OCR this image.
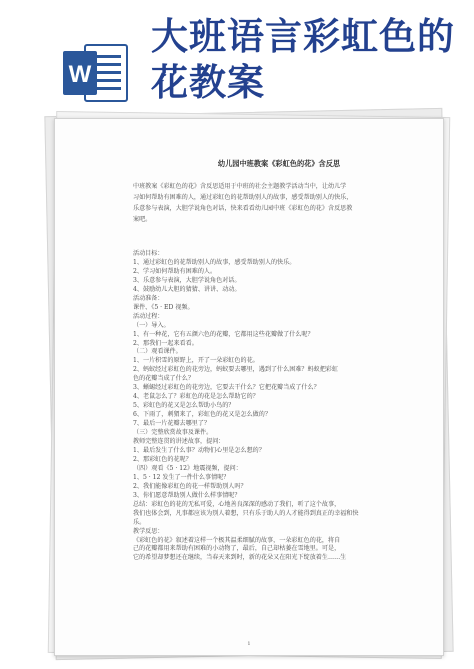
W
大班语言彩虹色的
花教案
幼儿园中班教案《彩虹色的花》含反思

中班教案《彩虹色的花》含反思适用于中班的社会主题教学活动当中，让幼儿学

习如何帮助有困难的人，通过彩虹色的花帮助别人的故事，感受帮助别人的快乐，

乐意参与表演，大胆学说角色对话，快来看看幼儿园中班《彩虹色的花》含反思教

案吧。

活动目标：

1、通过彩虹色的花帮助别人的故事，感受帮助别人的快乐。

2、学习如何帮助有困难的人。

3、乐意参与表演，大胆学说角色对话。

4、鼓励幼儿大胆的猜猜、讲讲、动动。

活动准备：

课件、《5 · ED 视频。

活动过程：

（一）导入。

1、有一种花，它有五颜六色的花瓣，它都用这些花瓣做了什么呢？

2、那我们一起来看看。

（二）观看课件。

1、一片积雪的原野上，开了一朵彩虹色的花。

2、蚂蚁经过彩虹色的花旁边，蚂蚁要去哪里，遇到了什么困难？蚂蚁把彩虹

色的花瓣当成了什么？

3、蜥蜴经过彩虹色的花旁边，它要去干什么？它把花瓣当成了什么？

4、老鼠怎么了？彩虹色的花是怎么帮助它的？

5、彩虹色的花又是怎么帮助小鸟的？

6、下雨了，刺猬来了，彩虹色的花又是怎么做的？

7、最后一片花瓣去哪里了？

（三）完整欣赏故事及课件。

教师完整连贯的讲述故事，提问：

1、最后发生了什么事？动物们心里是怎么想的？

2、那彩虹色的花呢？

（四）观看《5 · 12》地震视频，提问：

1、5 · 12 发生了一件什么事情呢？

2、我们能像彩虹色的花一样帮助别人吗？

3、你们愿意帮助别人做什么样事情呢？

总结：彩虹色的花的无私可爱，心地善良深深的感动了我们，听了这个故事，

我们也体会到，凡事都应该为别人着想，只有乐于助人的人才能得到真正的幸福和快

乐。

教学反思：

《彩虹色的花》叙述着这样一个极其温柔细腻的故事，一朵彩虹色的花，将自

己的花瓣都用来帮助有困难的小动物了，最后，自己却枯萎在雪地里。可是，

它的希望却梦想还在继续，当春天来到时，新的花朵又在阳光下绽放着生……生

1
